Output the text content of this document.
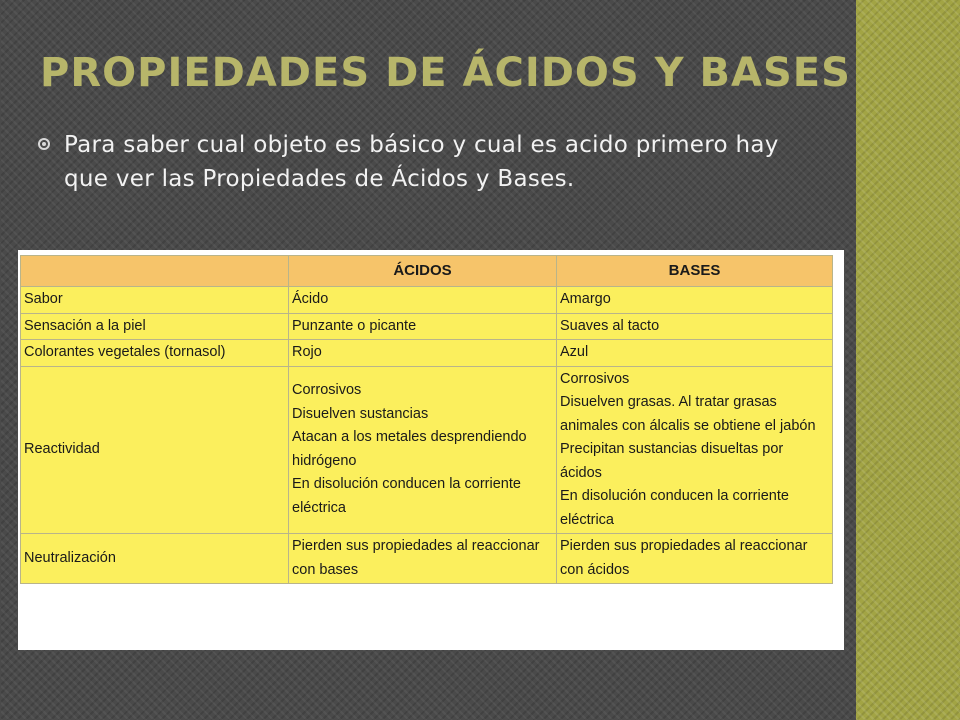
PROPIEDADES DE ÁCIDOS Y BASES
Para saber cual objeto es básico y cual es acido primero hay que ver las Propiedades de Ácidos y Bases.
	ÁCIDOS	BASES
Sabor	Ácido	Amargo

Sensación a la piel	Punzante o picante	Suaves al tacto

Colorantes vegetales (tornasol)	Rojo	Azul

Reactividad	Corrosivos
Disuelven sustancias
Atacan a los metales desprendiendo hidrógeno
En disolución conducen la corriente eléctrica	Corrosivos
Disuelven grasas. Al tratar grasas animales con álcalis se obtiene el jabón
Precipitan sustancias disueltas por ácidos
En disolución conducen la corriente eléctrica

Neutralización	Pierden sus propiedades al reaccionar con bases	Pierden sus propiedades al reaccionar con ácidos
